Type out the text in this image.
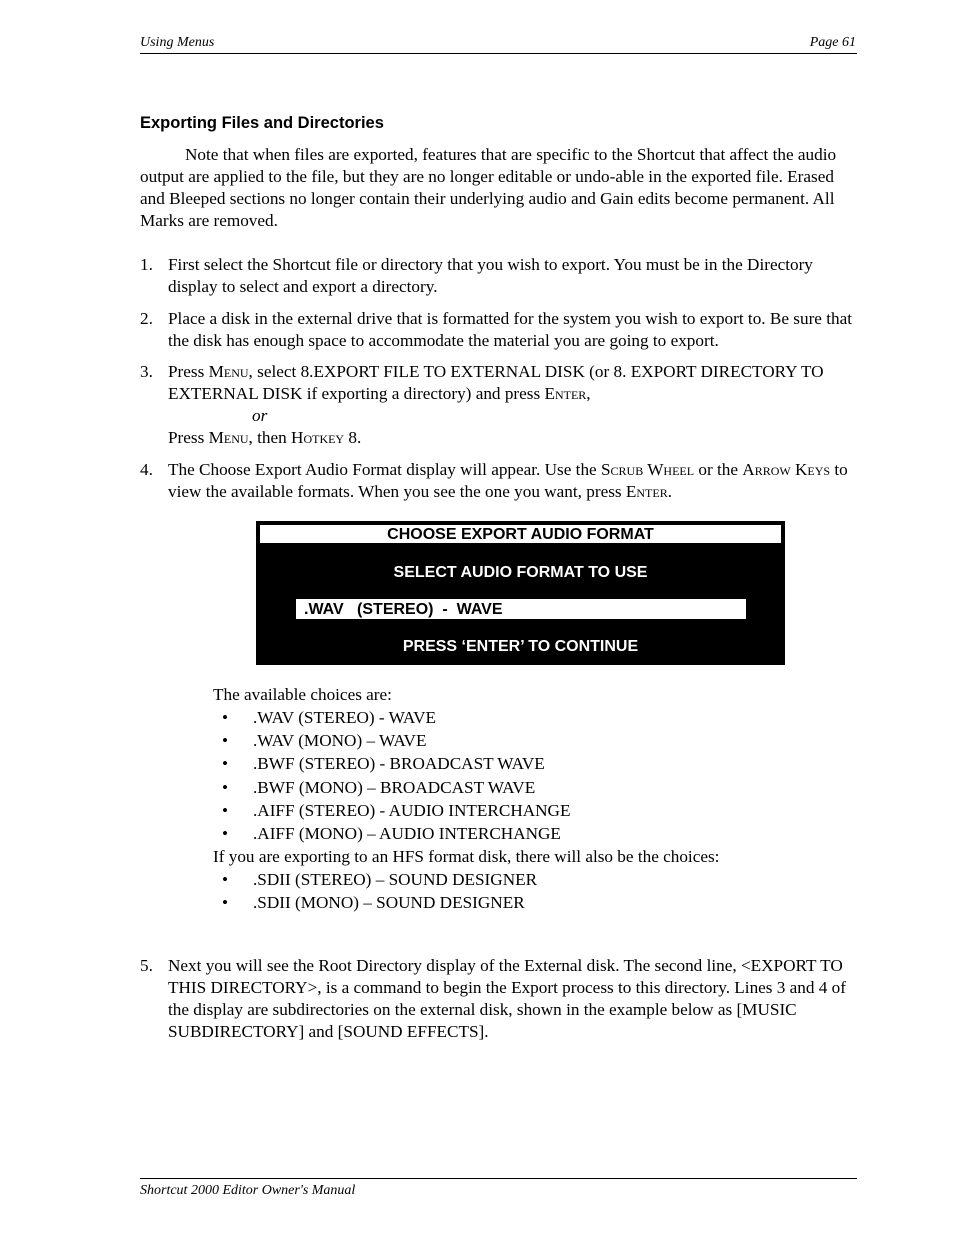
Using Menus	Page 61
Exporting Files and Directories
Note that when files are exported, features that are specific to the Shortcut that affect the audio output are applied to the file, but they are no longer editable or undo-able in the exported file. Erased and Bleeped sections no longer contain their underlying audio and Gain edits become permanent. All Marks are removed.
1. First select the Shortcut file or directory that you wish to export. You must be in the Directory display to select and export a directory.
2. Place a disk in the external drive that is formatted for the system you wish to export to. Be sure that the disk has enough space to accommodate the material you are going to export.
3. Press Menu, select 8.EXPORT FILE TO EXTERNAL DISK (or 8. EXPORT DIRECTORY TO EXTERNAL DISK if exporting a directory) and press Enter,
or
Press Menu, then Hotkey 8.
4. The Choose Export Audio Format display will appear. Use the Scrub Wheel or the Arrow Keys to view the available formats. When you see the one you want, press Enter.
CHOOSE EXPORT AUDIO FORMAT
SELECT AUDIO FORMAT TO USE
PRESS ‘ENTER’ TO CONTINUE
.WAV   (STEREO)  -  WAVE
The available choices are:
• .WAV (STEREO) - WAVE
• .WAV (MONO) – WAVE
• .BWF (STEREO) - BROADCAST WAVE
• .BWF (MONO) – BROADCAST WAVE
• .AIFF (STEREO) - AUDIO INTERCHANGE
• .AIFF (MONO) – AUDIO INTERCHANGE
If you are exporting to an HFS format disk, there will also be the choices:
• .SDII (STEREO) – SOUND DESIGNER
• .SDII (MONO) – SOUND DESIGNER
5. Next you will see the Root Directory display of the External disk. The second line, <EXPORT TO THIS DIRECTORY>, is a command to begin the Export process to this directory. Lines 3 and 4 of the display are subdirectories on the external disk, shown in the example below as [MUSIC SUBDIRECTORY] and [SOUND EFFECTS].
Shortcut 2000 Editor Owner's Manual
